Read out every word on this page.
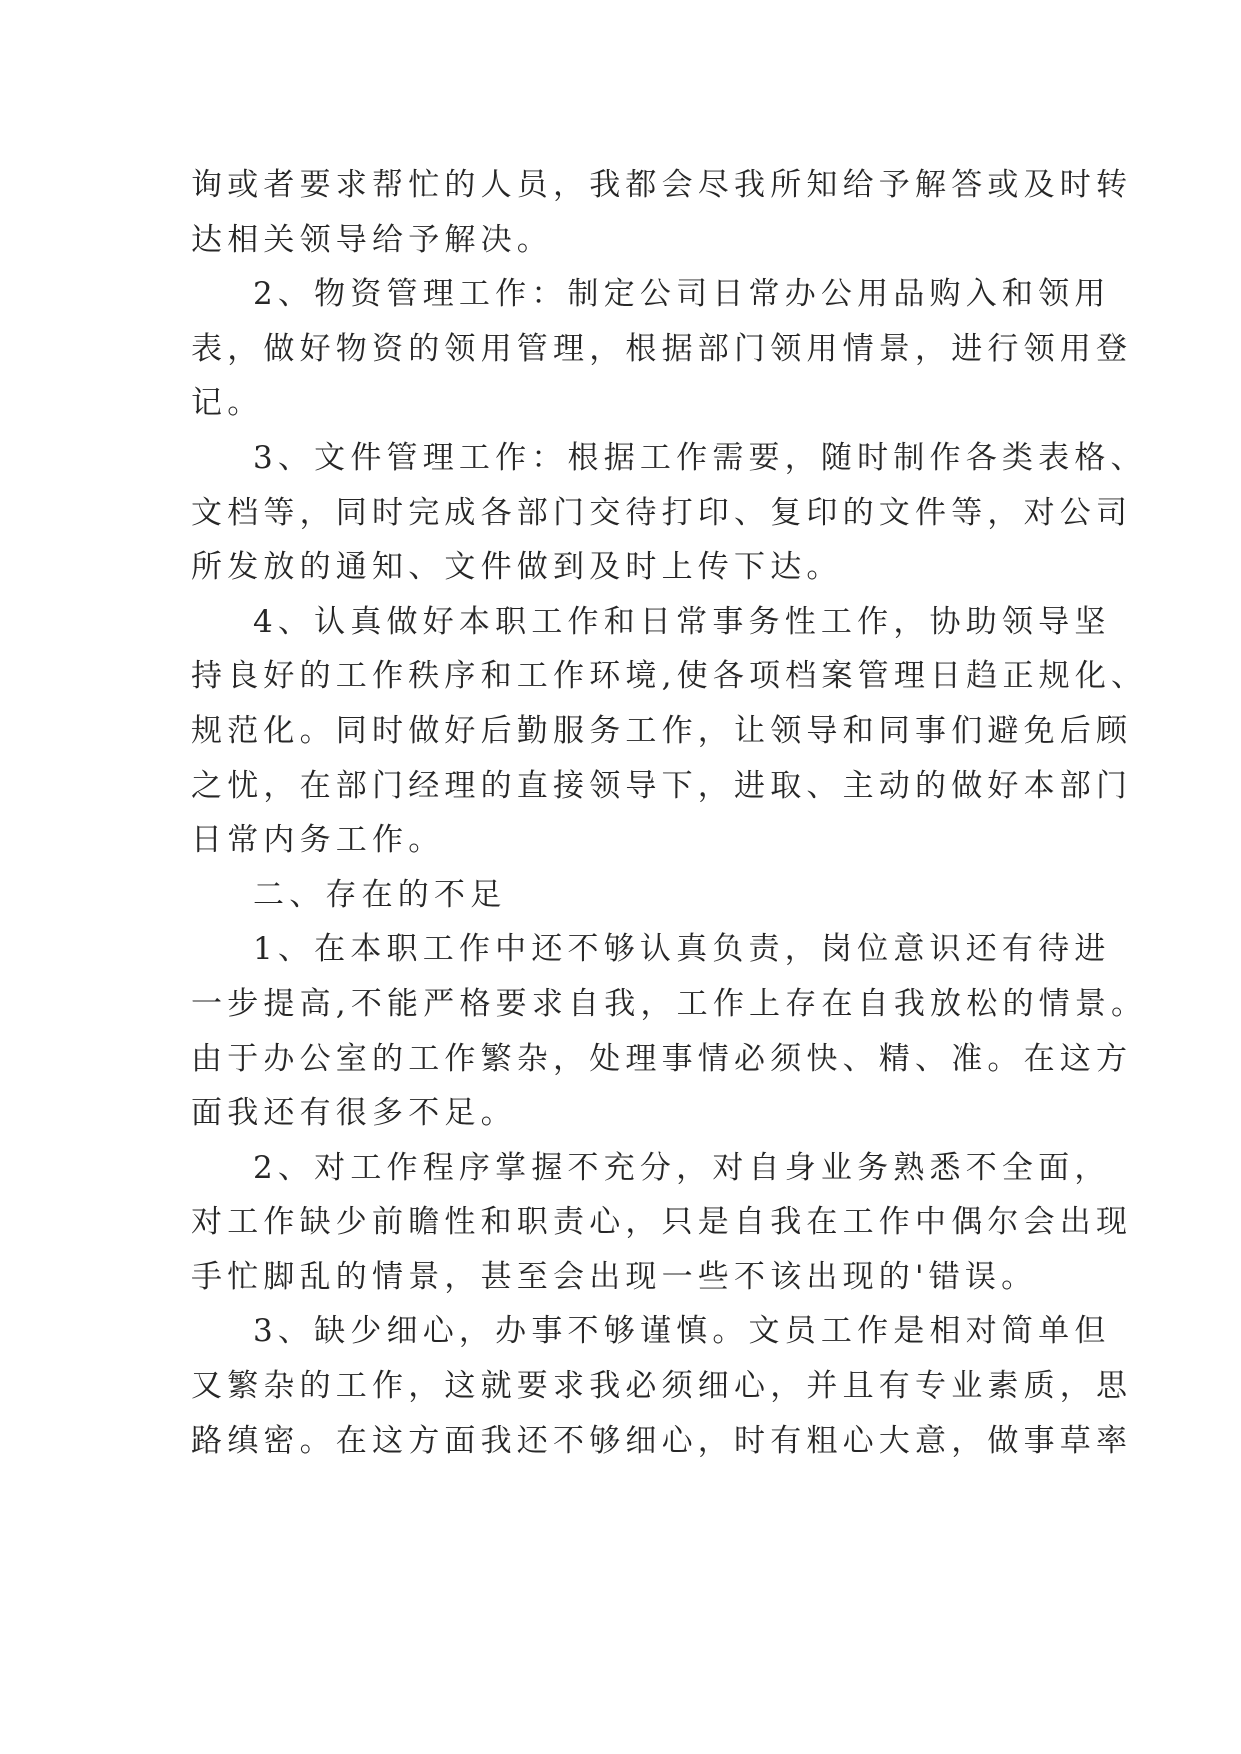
询或者要求帮忙的人员，我都会尽我所知给予解答或及时转
达相关领导给予解决。
2、物资管理工作：制定公司日常办公用品购入和领用
表，做好物资的领用管理，根据部门领用情景，进行领用登
记。
3、文件管理工作：根据工作需要，随时制作各类表格、
文档等，同时完成各部门交待打印、复印的文件等，对公司
所发放的通知、文件做到及时上传下达。
4、认真做好本职工作和日常事务性工作，协助领导坚
持良好的工作秩序和工作环境,使各项档案管理日趋正规化、
规范化。同时做好后勤服务工作，让领导和同事们避免后顾
之忧，在部门经理的直接领导下，进取、主动的做好本部门
日常内务工作。
二、存在的不足
1、在本职工作中还不够认真负责，岗位意识还有待进
一步提高,不能严格要求自我，工作上存在自我放松的情景。
由于办公室的工作繁杂，处理事情必须快、精、准。在这方
面我还有很多不足。
2、对工作程序掌握不充分，对自身业务熟悉不全面，
对工作缺少前瞻性和职责心，只是自我在工作中偶尔会出现
手忙脚乱的情景，甚至会出现一些不该出现的'错误。
3、缺少细心，办事不够谨慎。文员工作是相对简单但
又繁杂的工作，这就要求我必须细心，并且有专业素质，思
路缜密。在这方面我还不够细心，时有粗心大意，做事草率
